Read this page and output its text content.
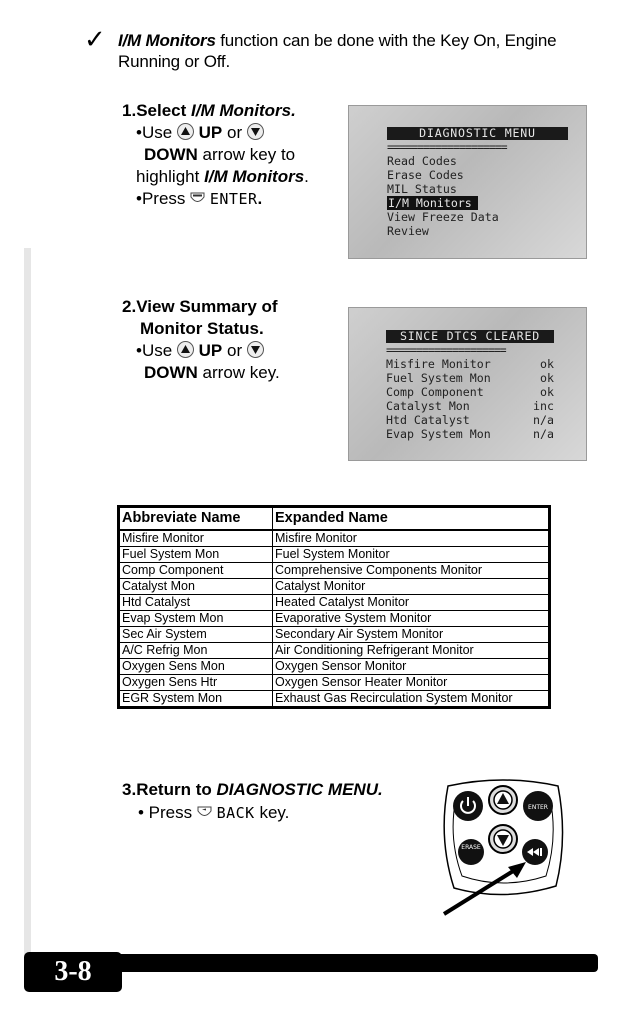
✓ I/M Monitors function can be done with the Key On, Engine Running or Off.
1.Select I/M Monitors.
•Use
UP or

DOWN arrow key to highlight I/M Monitors.
•Press  ENTER.
DIAGNOSTIC MENU
====================
Read Codes
Erase Codes
MIL Status
I/M Monitors
View Freeze Data
Review
2.View Summary of
Monitor Status.
•Use
UP or

DOWN arrow key.
SINCE DTCS CLEARED
====================
Misfire Monitor	ok
Fuel System Mon	ok
Comp Component	ok
Catalyst Mon	inc
Htd Catalyst	n/a
Evap System Mon	n/a
Abbreviate Name	Expanded Name
Misfire Monitor	Misfire Monitor
Fuel System Mon	Fuel System Monitor
Comp Component	Comprehensive Components Monitor
Catalyst Mon	Catalyst Monitor
Htd Catalyst	Heated Catalyst Monitor
Evap System Mon	Evaporative System Monitor
Sec Air System	Secondary Air System Monitor
A/C Refrig Mon	Air Conditioning Refrigerant Monitor
Oxygen Sens Mon	Oxygen Sensor Monitor
Oxygen Sens Htr	Oxygen Sensor Heater Monitor
EGR System Mon	Exhaust Gas Recirculation System Monitor
3.Return to DIAGNOSTIC MENU.
• Press  BACK key.	ENTER
ERASE
3-8
